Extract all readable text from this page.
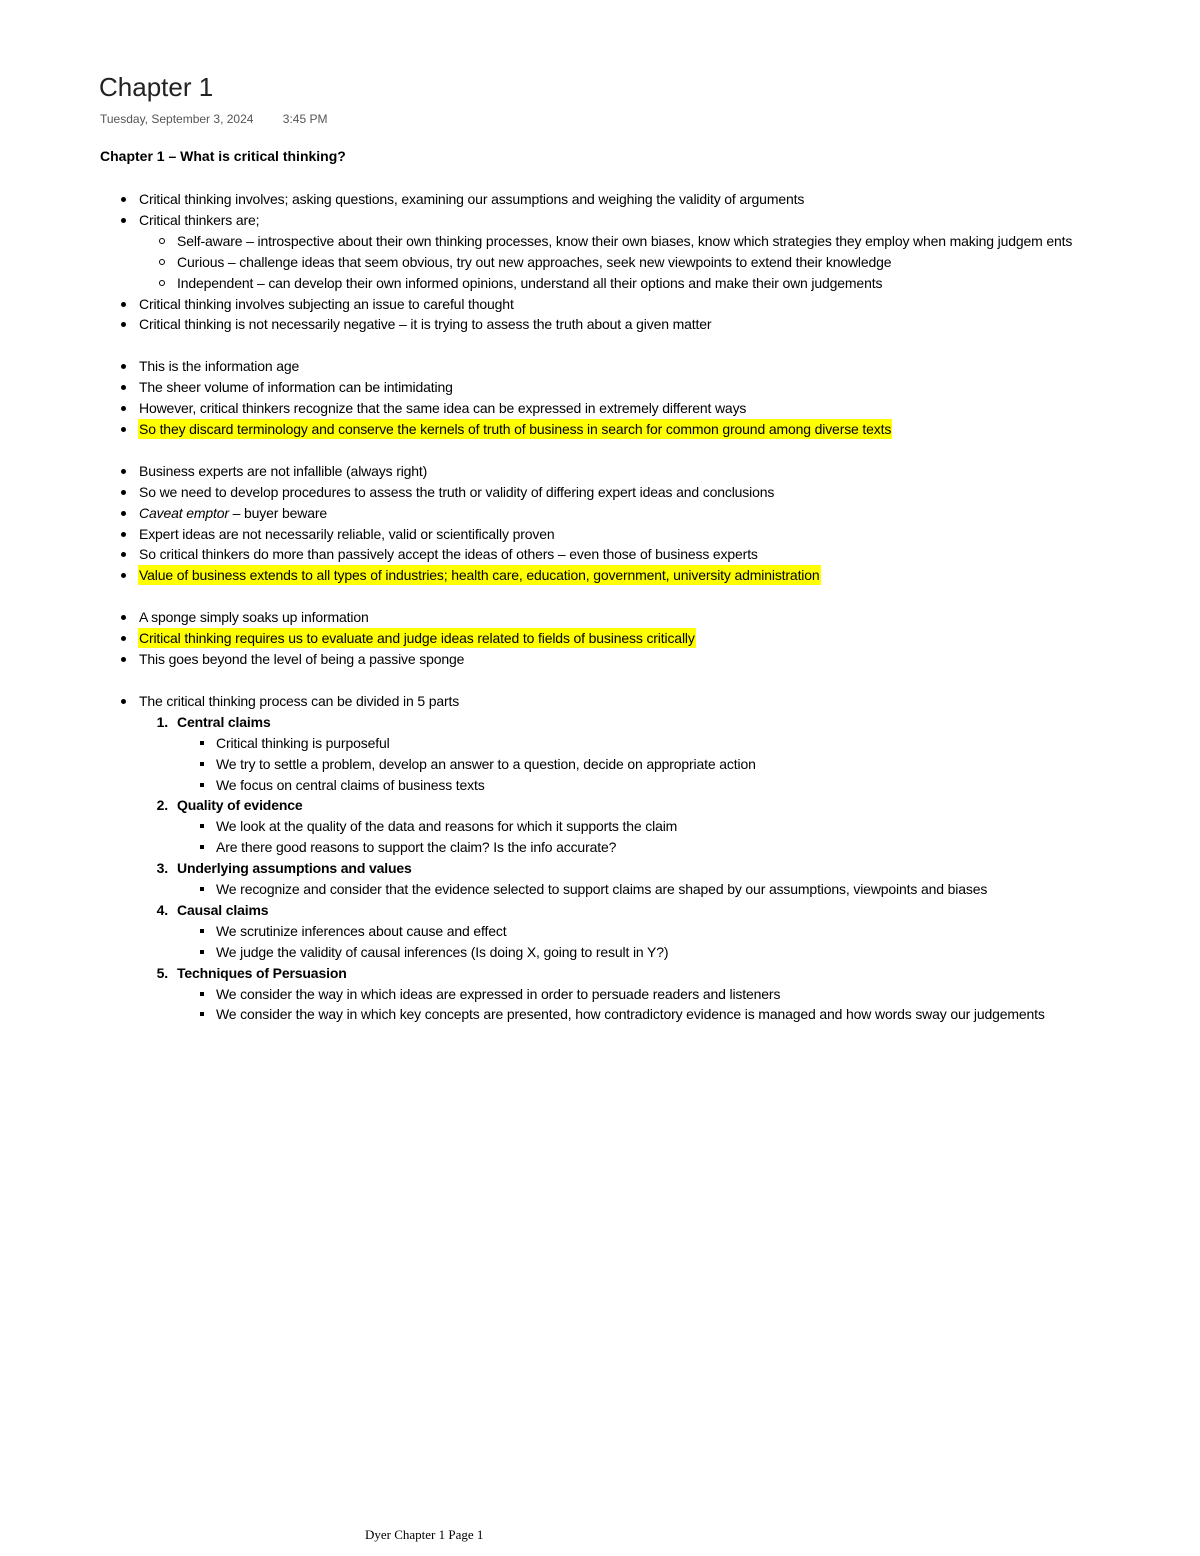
Chapter 1
Tuesday, September 3, 2024 3:45 PM
Chapter 1 – What is critical thinking?
Critical thinking involves; asking questions, examining our assumptions and weighing the validity of arguments
Critical thinkers are;
Self-aware – introspective about their own thinking processes, know their own biases, know which strategies they employ when making judgem ents
Curious – challenge ideas that seem obvious, try out new approaches, seek new viewpoints to extend their knowledge
Independent – can develop their own informed opinions, understand all their options and make their own judgements
Critical thinking involves subjecting an issue to careful thought
Critical thinking is not necessarily negative – it is trying to assess the truth about a given matter
This is the information age
The sheer volume of information can be intimidating
However, critical thinkers recognize that the same idea can be expressed in extremely different ways
So they discard terminology and conserve the kernels of truth of business in search for common ground among diverse texts
Business experts are not infallible (always right)
So we need to develop procedures to assess the truth or validity of differing expert ideas and conclusions
Caveat emptor – buyer beware
Expert ideas are not necessarily reliable, valid or scientifically proven
So critical thinkers do more than passively accept the ideas of others – even those of business experts
Value of business extends to all types of industries; health care, education, government, university administration
A sponge simply soaks up information
Critical thinking requires us to evaluate and judge ideas related to fields of business critically
This goes beyond the level of being a passive sponge
The critical thinking process can be divided in 5 parts
1. Central claims
Critical thinking is purposeful
We try to settle a problem, develop an answer to a question, decide on appropriate action
We focus on central claims of business texts
2. Quality of evidence
We look at the quality of the data and reasons for which it supports the claim
Are there good reasons to support the claim? Is the info accurate?
3. Underlying assumptions and values
We recognize and consider that the evidence selected to support claims are shaped by our assumptions, viewpoints and biases
4. Causal claims
We scrutinize inferences about cause and effect
We judge the validity of causal inferences (Is doing X, going to result in Y?)
5. Techniques of Persuasion
We consider the way in which ideas are expressed in order to persuade readers and listeners
We consider the way in which key concepts are presented, how contradictory evidence is managed and how words sway our judgements
Dyer Chapter 1 Page 1
